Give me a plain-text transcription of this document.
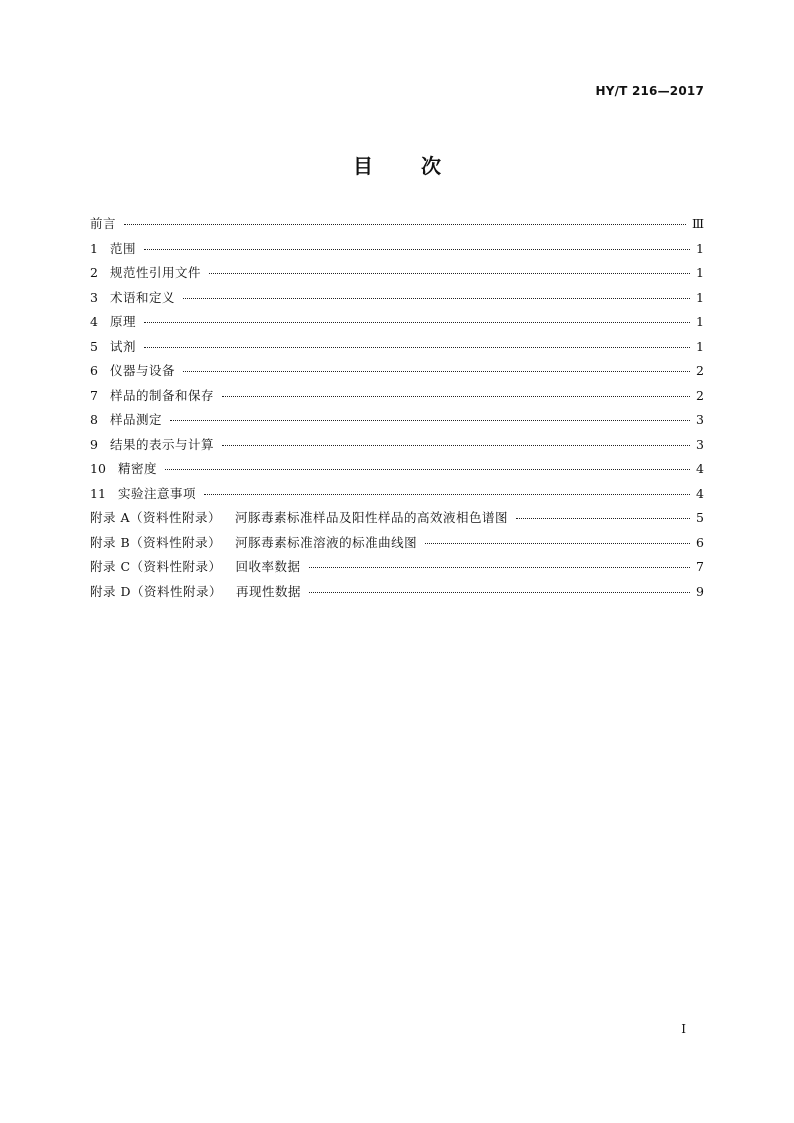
HY/T 216—2017
目次
前言	Ⅲ
1 范围	1
2 规范性引用文件	1
3 术语和定义	1
4 原理	1
5 试剂	1
6 仪器与设备	2
7 样品的制备和保存	2
8 样品测定	3
9 结果的表示与计算	3
10 精密度	4
11 实验注意事项	4
附录 A（资料性附录） 河豚毒素标准样品及阳性样品的高效液相色谱图	5
附录 B（资料性附录） 河豚毒素标准溶液的标准曲线图	6
附录 C（资料性附录） 回收率数据	7
附录 D（资料性附录） 再现性数据	9
I
